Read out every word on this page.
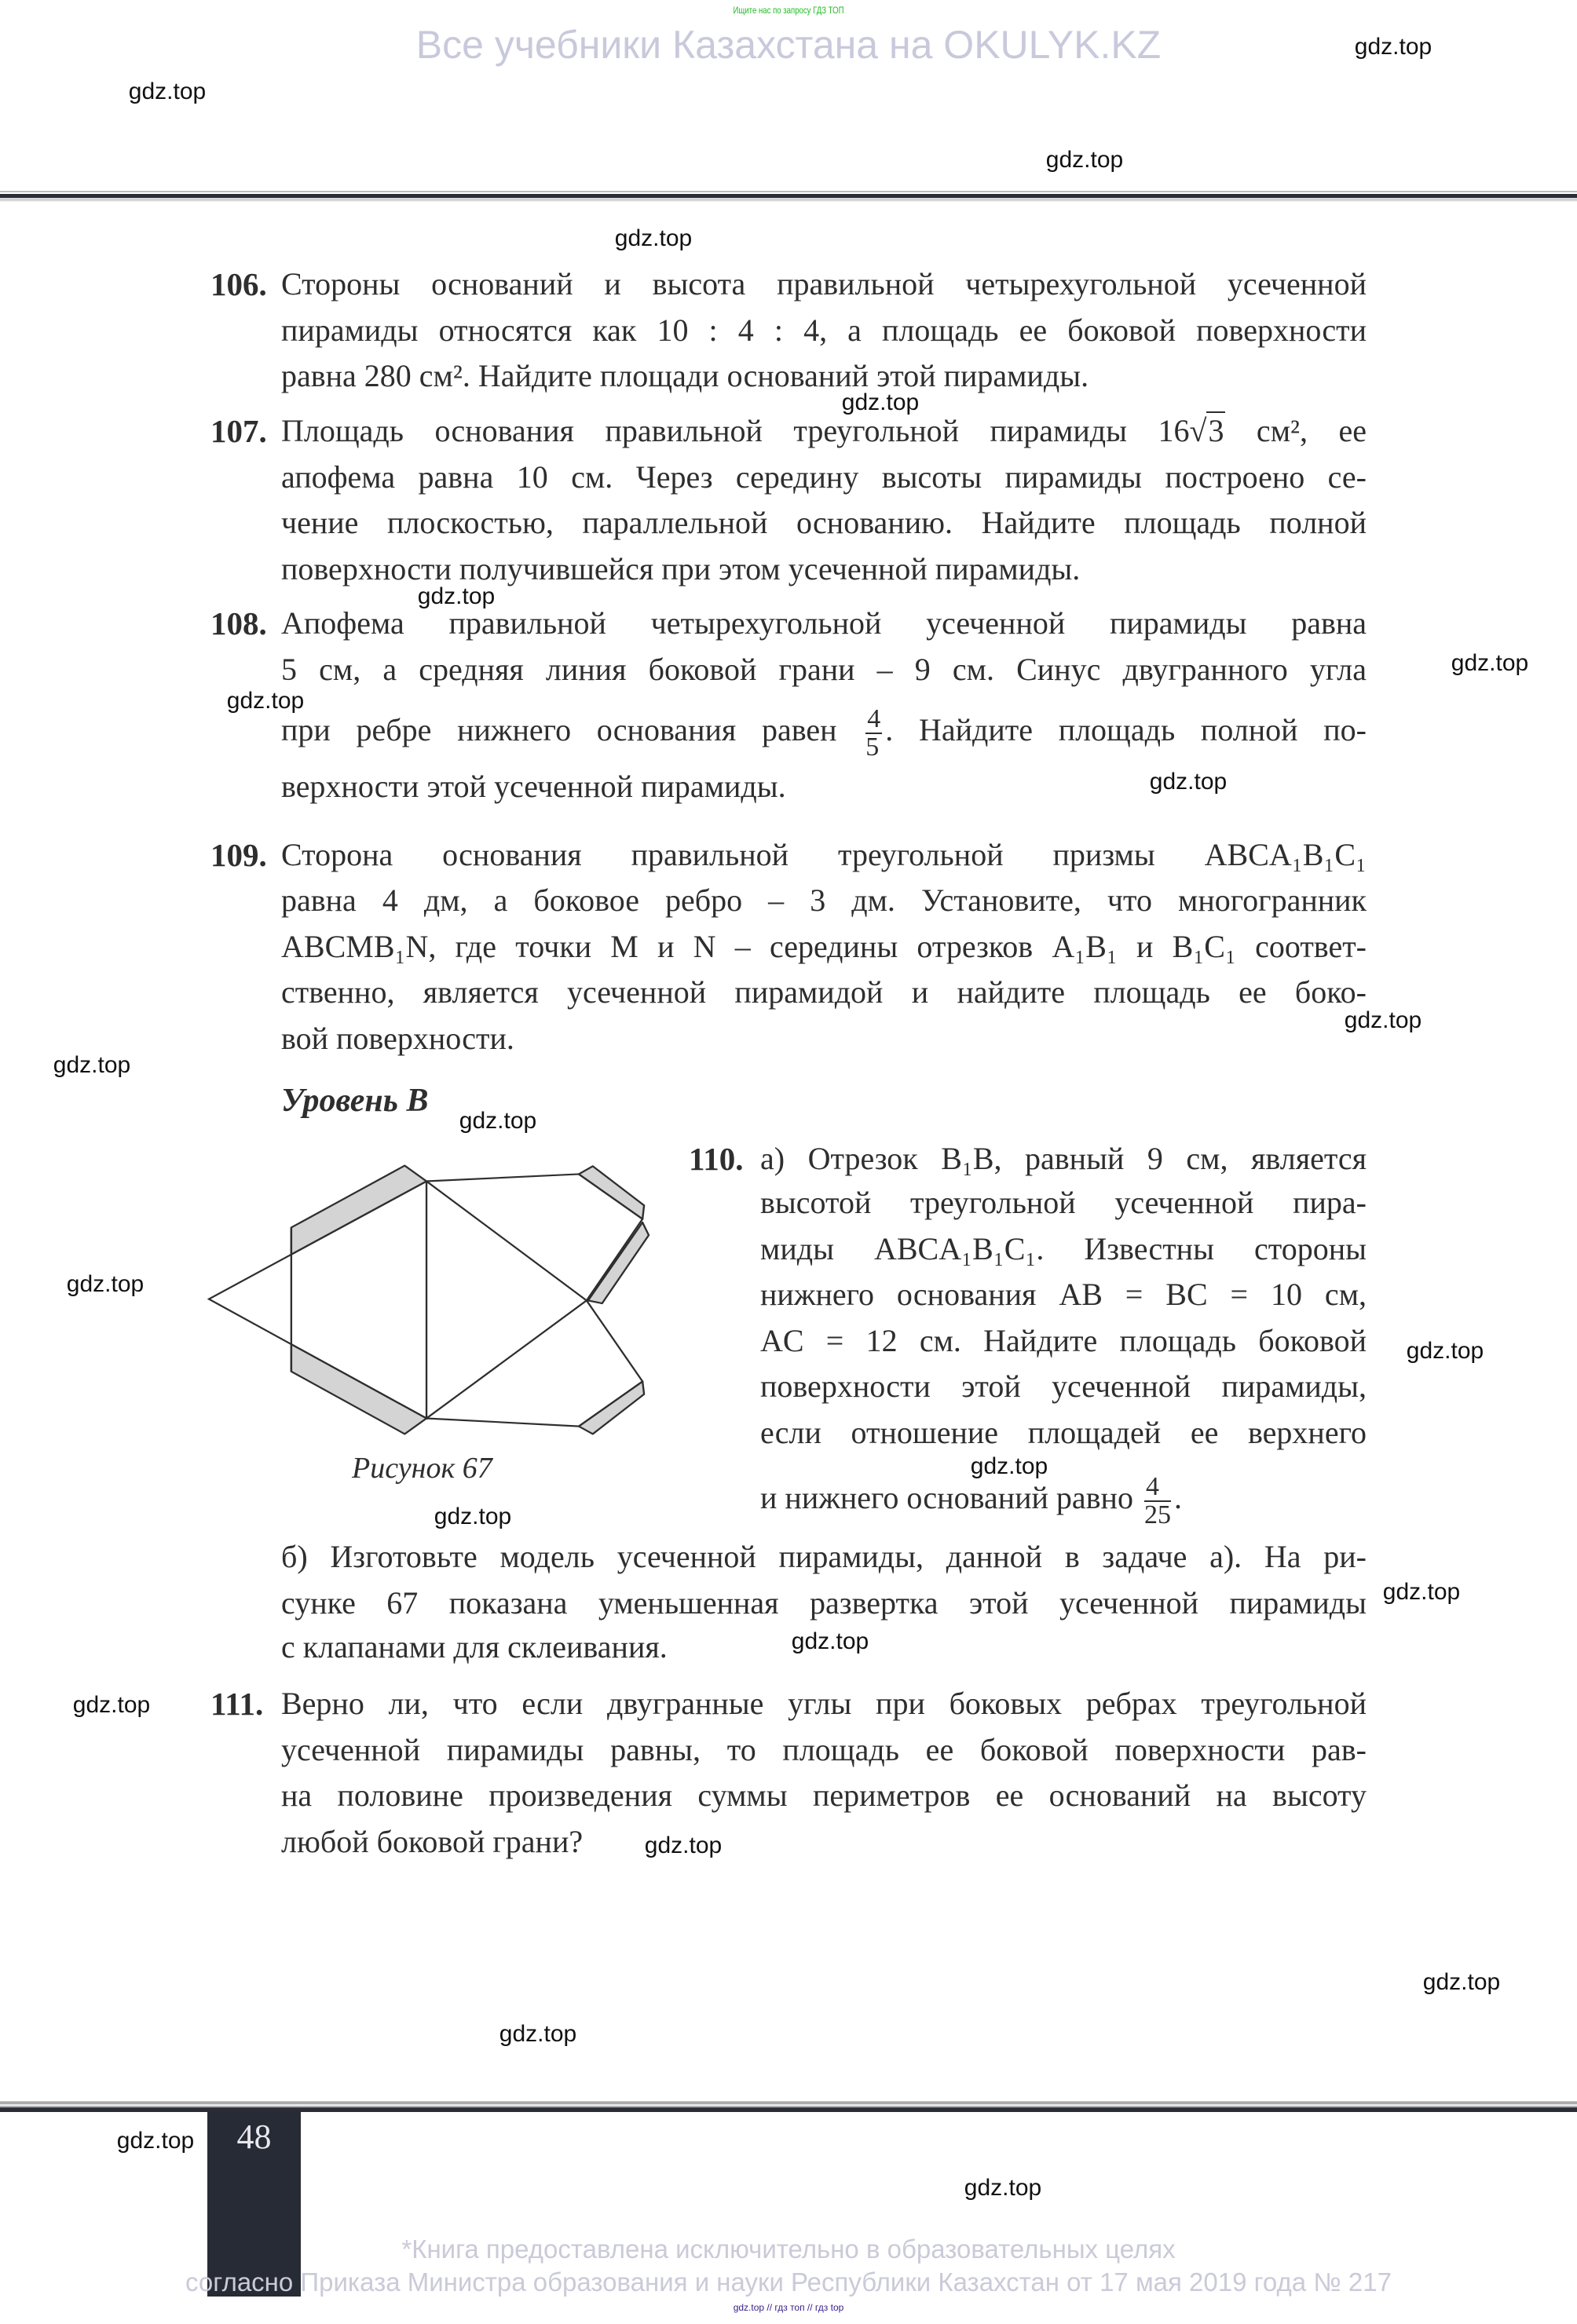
Ищите нас по запросу ГДЗ ТОП
Все учебники Казахстана на OKULYK.KZ
106. Стороны оснований и высота правильной четырехугольной усеченной
пирамиды относятся как 10 : 4 : 4, а площадь ее боковой поверхности
равна 280 см². Найдите площади оснований этой пирамиды.
107. Площадь основания правильной треугольной пирамиды 16√3 см², ее
апофема равна 10 см. Через середину высоты пирамиды построено се-
чение плоскостью, параллельной основанию. Найдите площадь полной
поверхности получившейся при этом усеченной пирамиды.
108. Апофема правильной четырехугольной усеченной пирамиды равна
5 см, а средняя линия боковой грани – 9 см. Синус двугранного угла
при ребре нижнего основания равен $\frac{4}{5}$ . Найдите площадь полной по-
верхности этой усеченной пирамиды.
109. Сторона основания правильной треугольной призмы ABCA₁B₁C₁
равна 4 дм, а боковое ребро – 3 дм. Установите, что многогранник
ABCMB₁N, где точки M и N – середины отрезков A₁B₁ и B₁C₁ соответ-
ственно, является усеченной пирамидой и найдите площадь ее боко-
вой поверхности.
Уровень B
Рисунок 67
110. а) Отрезок B₁B, равный 9 см, является
высотой треугольной усеченной пира-
миды ABCA₁B₁C₁. Известны стороны
нижнего основания AB = BC = 10 см,
AC = 12 см. Найдите площадь боковой
поверхности этой усеченной пирамиды,
если отношение площадей ее верхнего
и нижнего оснований равно $\frac{4}{25}$ .
б) Изготовьте модель усеченной пирамиды, данной в задаче а). На ри-
сунке 67 показана уменьшенная развертка этой усеченной пирамиды
с клапанами для склеивания.
111. Верно ли, что если двугранные углы при боковых ребрах треугольной
усеченной пирамиды равны, то площадь ее боковой поверхности рав-
на половине произведения суммы периметров ее оснований на высоту
любой боковой грани?
48
*Книга предоставлена исключительно в образовательных целях
согласно Приказа Министра образования и науки Республики Казахстан от 17 мая 2019 года № 217
gdz.top // гдз топ // гдз top
gdz.top
gdz.top
gdz.top
gdz.top
gdz.top
gdz.top
gdz.top
gdz.top
gdz.top
gdz.top
gdz.top
gdz.top
gdz.top
gdz.top
gdz.top
gdz.top
gdz.top
gdz.top
gdz.top
gdz.top
gdz.top
gdz.top
gdz.top
gdz.top
